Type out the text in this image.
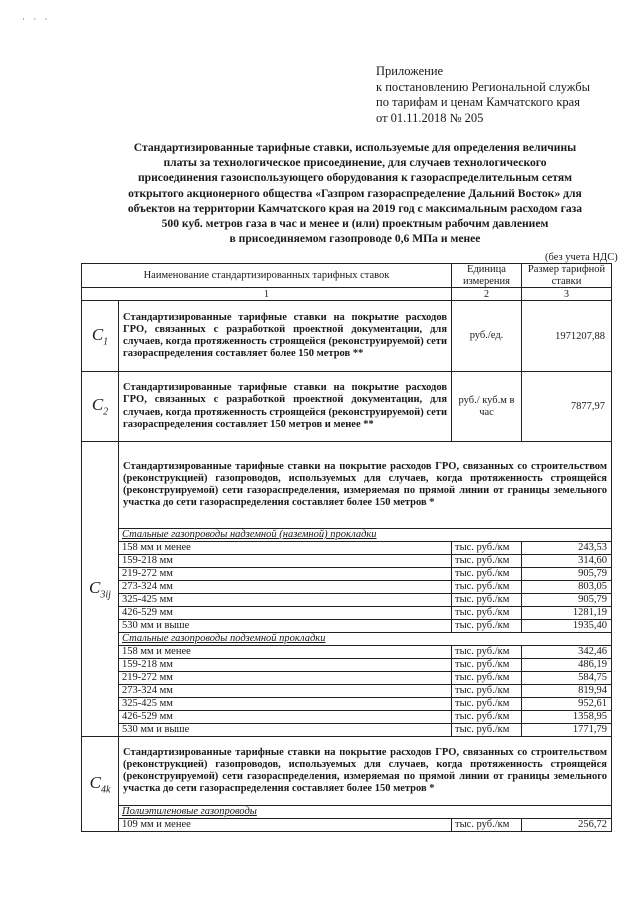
· · ·
Приложение
к постановлению Региональной службы
по тарифам и ценам Камчатского края
от 01.11.2018 № 205
Стандартизированные тарифные ставки, используемые для определения величины
платы за технологическое присоединение, для случаев технологического
присоединения газоиспользующего оборудования к газораспределительным сетям
открытого акционерного общества «Газпром газораспределение Дальний Восток» для
объектов на территории Камчатского края на 2019 год с максимальным расходом газа
500 куб. метров газа в час и менее и (или) проектным рабочим давлением
в присоединяемом газопроводе 0,6 МПа и менее
(без учета НДС)
Наименование стандартизированных тарифных ставок		Единица измерения	Размер тарифной ставки
1		2	3
$C_1$	Стандартизированные тарифные ставки на покрытие расходов ГРО, связанных с разработкой проектной документации, для случаев, когда протяженность строящейся (реконструируемой) сети газораспределения составляет более 150 метров **	руб./ед.	1971207,88
$C_2$	Стандартизированные тарифные ставки на покрытие расходов ГРО, связанных с разработкой проектной документации, для случаев, когда протяженность строящейся (реконструируемой) сети газораспределения составляет 150 метров и менее **	руб./ куб.м в час	7877,97
$C_{3ij}$	Стандартизированные тарифные ставки на покрытие расходов ГРО, связанных со строительством (реконструкцией) газопроводов, используемых для случаев, когда протяженность строящейся (реконструируемой) сети газораспределения, измеряемая по прямой линии от границы земельного участка до сети газораспределения составляет более 150 метров *		
	Стальные газопроводы надземной (наземной) прокладки		
	158 мм и менее	тыс. руб./км	243,53
	159-218 мм	тыс. руб./км	314,60
	219-272 мм	тыс. руб./км	905,79
	273-324 мм	тыс. руб./км	803,05
	325-425 мм	тыс. руб./км	905,79
	426-529 мм	тыс. руб./км	1281,19
	530 мм и выше	тыс. руб./км	1935,40
	Стальные газопроводы подземной прокладки		
	158 мм и менее	тыс. руб./км	342,46
	159-218 мм	тыс. руб./км	486,19
	219-272 мм	тыс. руб./км	584,75
	273-324 мм	тыс. руб./км	819,94
	325-425 мм	тыс. руб./км	952,61
	426-529 мм	тыс. руб./км	1358,95
	530 мм и выше	тыс. руб./км	1771,79
$C_{4k}$	Стандартизированные тарифные ставки на покрытие расходов ГРО, связанных со строительством (реконструкцией) газопроводов, используемых для случаев, когда протяженность строящейся (реконструируемой) сети газораспределения, измеряемая по прямой линии от границы земельного участка до сети газораспределения составляет более 150 метров *		
	Полиэтиленовые газопроводы		
	109 мм и менее	тыс. руб./км	256,72
